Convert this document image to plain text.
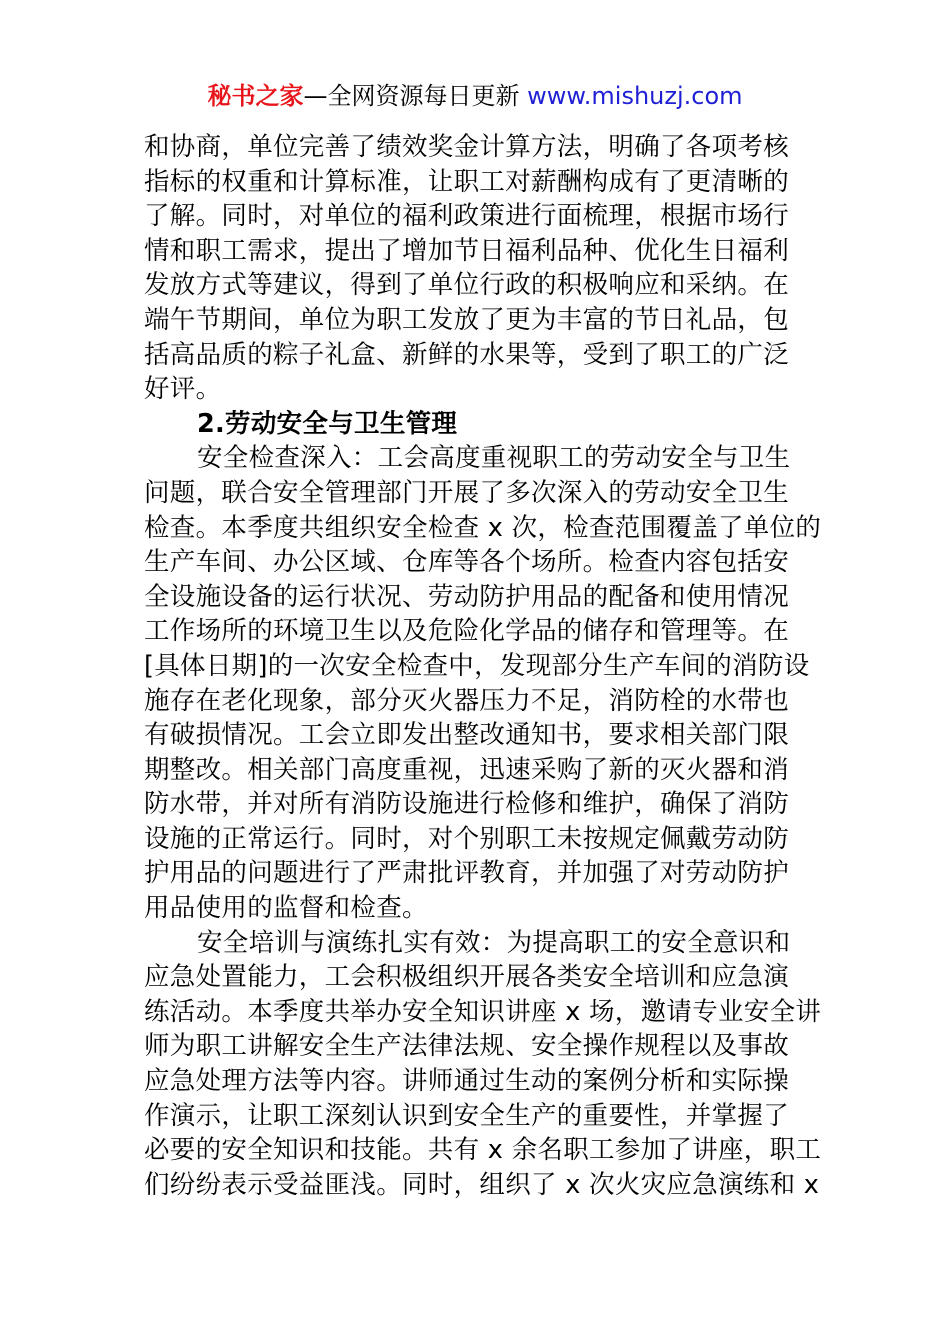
秘书之家—全网资源每日更新 www.mishuzj.com
和协商，单位完善了绩效奖金计算方法，明确了各项考核
指标的权重和计算标准，让职工对薪酬构成有了更清晰的
了解。同时，对单位的福利政策进行面梳理，根据市场行
情和职工需求，提出了增加节日福利品种、优化生日福利
发放方式等建议，得到了单位行政的积极响应和采纳。在
端午节期间，单位为职工发放了更为丰富的节日礼品，包
括高品质的粽子礼盒、新鲜的水果等，受到了职工的广泛
好评。
2.劳动安全与卫生管理
安全检查深入：工会高度重视职工的劳动安全与卫生
问题，联合安全管理部门开展了多次深入的劳动安全卫生
检查。本季度共组织安全检查 x 次，检查范围覆盖了单位的
生产车间、办公区域、仓库等各个场所。检查内容包括安
全设施设备的运行状况、劳动防护用品的配备和使用情况
工作场所的环境卫生以及危险化学品的储存和管理等。在
[具体日期]的一次安全检查中，发现部分生产车间的消防设
施存在老化现象，部分灭火器压力不足，消防栓的水带也
有破损情况。工会立即发出整改通知书，要求相关部门限
期整改。相关部门高度重视，迅速采购了新的灭火器和消
防水带，并对所有消防设施进行检修和维护，确保了消防
设施的正常运行。同时，对个别职工未按规定佩戴劳动防
护用品的问题进行了严肃批评教育，并加强了对劳动防护
用品使用的监督和检查。
安全培训与演练扎实有效：为提高职工的安全意识和
应急处置能力，工会积极组织开展各类安全培训和应急演
练活动。本季度共举办安全知识讲座 x 场，邀请专业安全讲
师为职工讲解安全生产法律法规、安全操作规程以及事故
应急处理方法等内容。讲师通过生动的案例分析和实际操
作演示，让职工深刻认识到安全生产的重要性，并掌握了
必要的安全知识和技能。共有 x 余名职工参加了讲座，职工
们纷纷表示受益匪浅。同时，组织了 x 次火灾应急演练和 x
